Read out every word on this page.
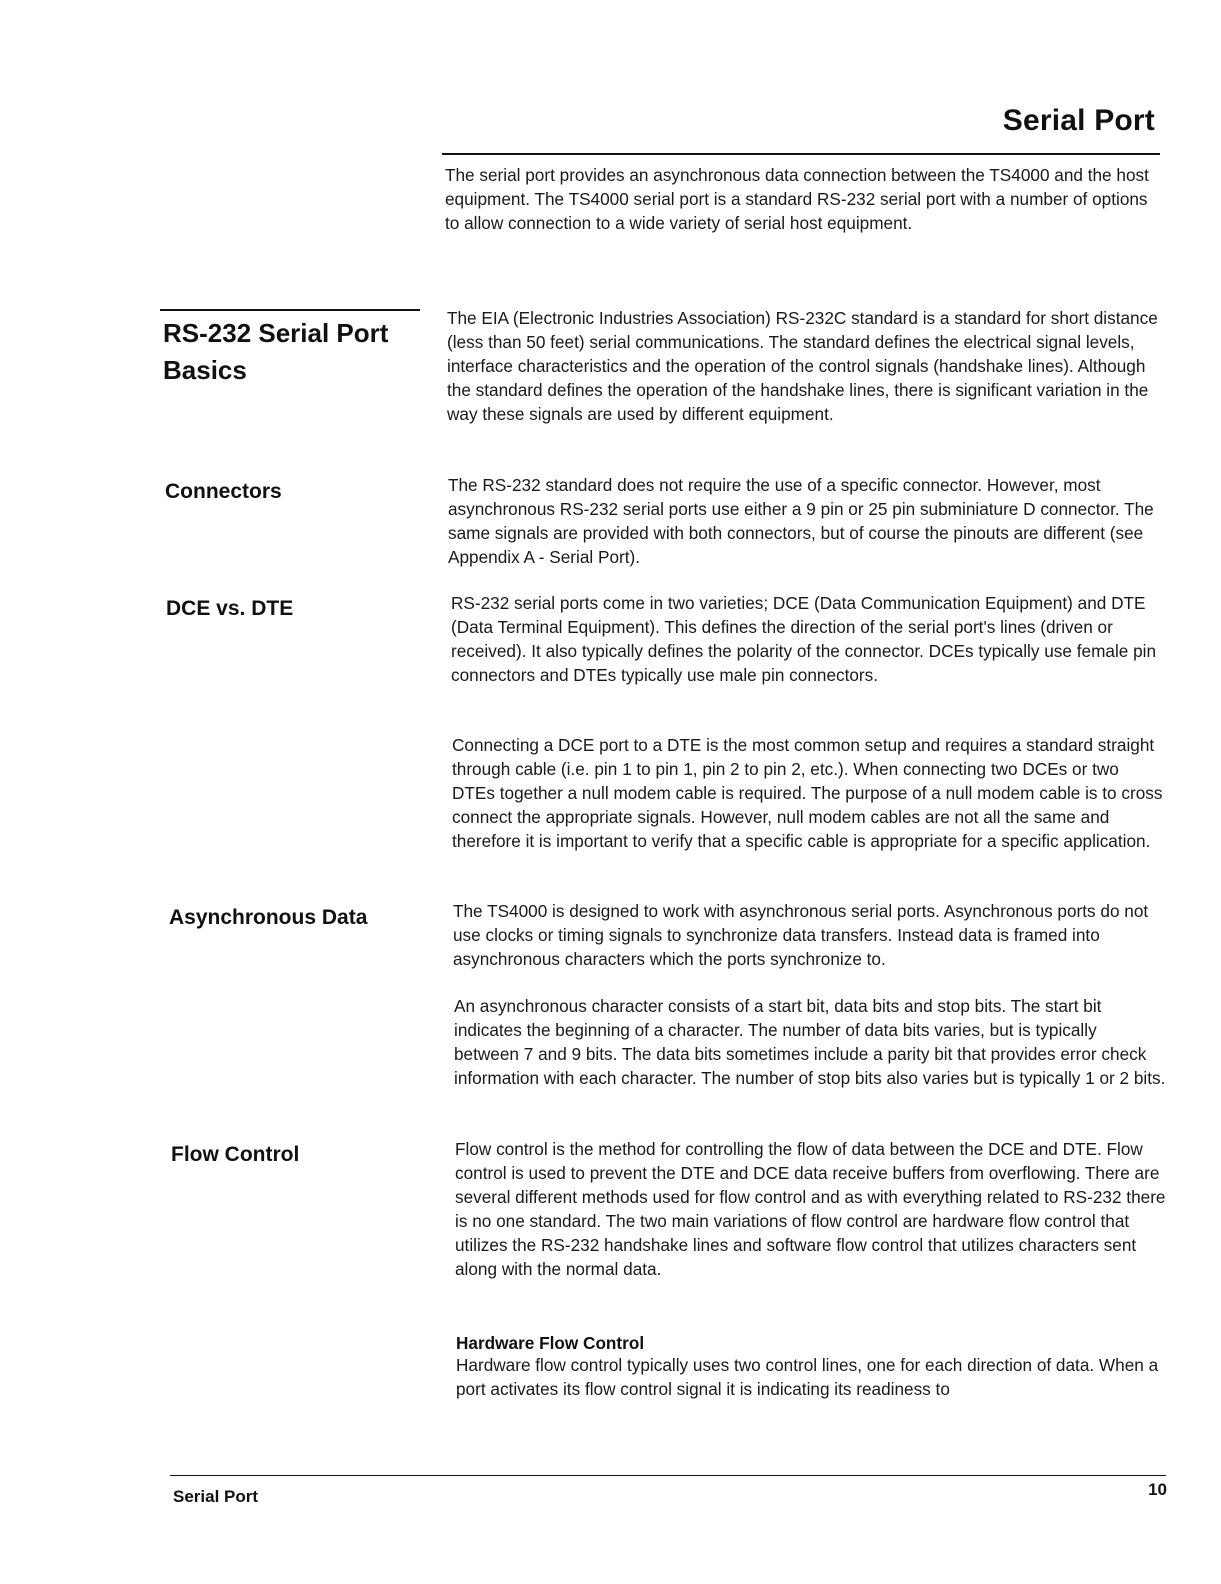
Serial Port

The serial port provides an asynchronous data connection between the TS4000 and the host equipment. The TS4000 serial port is a standard RS-232 serial port with a number of options to allow connection to a wide variety of serial host equipment.

RS-232 Serial Port Basics

The EIA (Electronic Industries Association) RS-232C standard is a standard for short distance (less than 50 feet) serial communications. The standard defines the electrical signal levels, interface characteristics and the operation of the control signals (handshake lines). Although the standard defines the operation of the handshake lines, there is significant variation in the way these signals are used by different equipment.

Connectors	The RS-232 standard does not require the use of a specific connector. However, most asynchronous RS-232 serial ports use either a 9 pin or 25 pin subminiature D connector. The same signals are provided with both connectors, but of course the pinouts are different (see Appendix A - Serial Port).

DCE vs. DTE	RS-232 serial ports come in two varieties; DCE (Data Communication Equipment) and DTE (Data Terminal Equipment). This defines the direction of the serial port's lines (driven or received). It also typically defines the polarity of the connector. DCEs typically use female pin connectors and DTEs typically use male pin connectors.

Connecting a DCE port to a DTE is the most common setup and requires a standard straight through cable (i.e. pin 1 to pin 1, pin 2 to pin 2, etc.). When connecting two DCEs or two DTEs together a null modem cable is required. The purpose of a null modem cable is to cross connect the appropriate signals. However, null modem cables are not all the same and therefore it is important to verify that a specific cable is appropriate for a specific application.

Asynchronous Data	The TS4000 is designed to work with asynchronous serial ports. Asynchronous ports do not use clocks or timing signals to synchronize data transfers. Instead data is framed into asynchronous characters which the ports synchronize to.

An asynchronous character consists of a start bit, data bits and stop bits. The start bit indicates the beginning of a character. The number of data bits varies, but is typically between 7 and 9 bits. The data bits sometimes include a parity bit that provides error check information with each character. The number of stop bits also varies but is typically 1 or 2 bits.

Flow Control	Flow control is the method for controlling the flow of data between the DCE and DTE. Flow control is used to prevent the DTE and DCE data receive buffers from overflowing. There are several different methods used for flow control and as with everything related to RS-232 there is no one standard. The two main variations of flow control are hardware flow control that utilizes the RS-232 handshake lines and software flow control that utilizes characters sent along with the normal data.

Hardware Flow Control

Hardware flow control typically uses two control lines, one for each direction of data. When a port activates its flow control signal it is indicating its readiness to

Serial Port	10
